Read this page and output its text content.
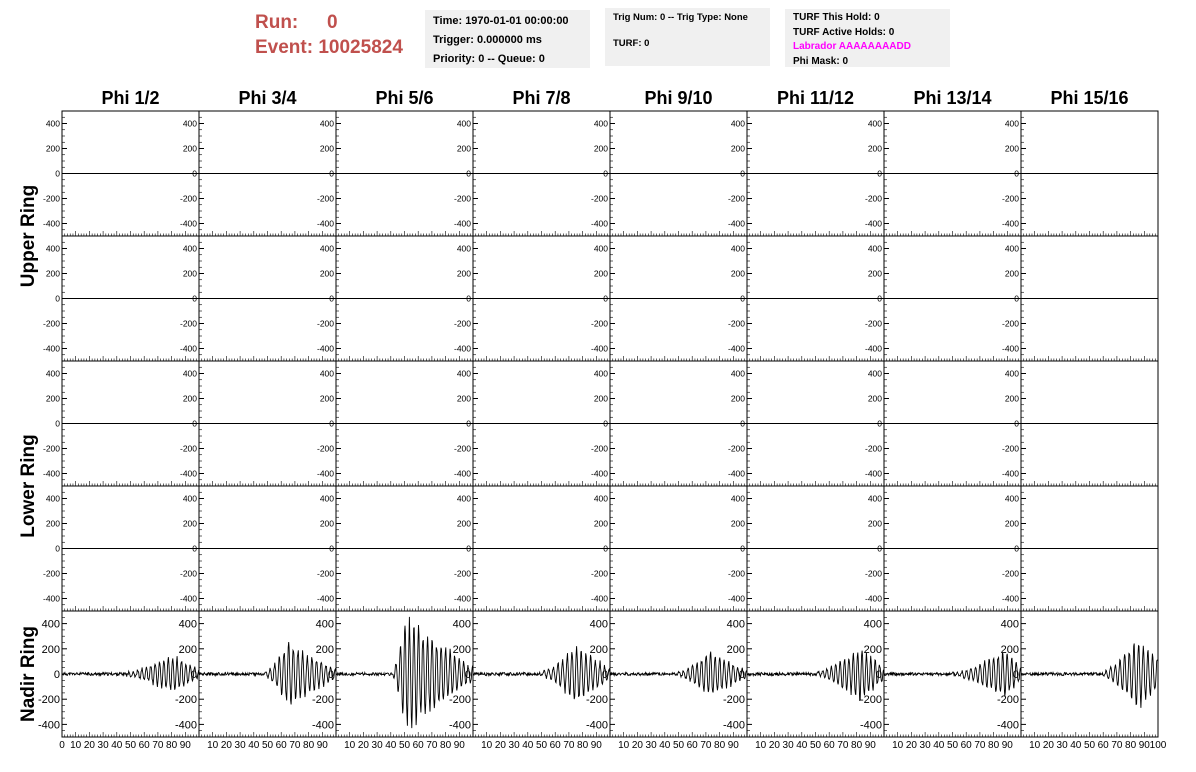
Run: 0
Event: 10025824
Time: 1970-01-01 00:00:00
Trigger: 0.000000 ms
Priority: 0 -- Queue: 0
Trig Num: 0 -- Trig Type: None
TURF: 0
TURF This Hold: 0
TURF Active Holds: 0
Labrador AAAAAAAADD
Phi Mask: 0
Phi 1/2	Phi 3/4	Phi 5/6	Phi 7/8	Phi 9/10	Phi 11/12	Phi 13/14	Phi 15/16
Upper Ring
Lower Ring
Nadir Ring
400
200
0
-200
-400
400
200
0
-200
-400
400
200
0
-200
-400
400
200
0
-200
-400
400
200
0
-200
-400
400
200
0
-200
-400
400
200
0
-200
-400
400
200
0
-200
-400
400
200
0
-200
-400
400
200
0
-200
-400
400
200
0
-200
-400
400
200
0
-200
-400
400
200
0
-200
-400
400
200
0
-200
-400
400
200
0
-200
-400
400
200
0
-200
-400
400
200
0
-200
-400
400
200
0
-200
-400
400
200
0
-200
-400
400
200
0
-200
-400
400
200
0
-200
-400
400
200
0
-200
-400
400
200
0
-200
-400
400
200
0
-200
-400
400
200
0
-200
-400
400
200
0
-200
-400
400
200
0
-200
-400
400
200
0
-200
-400
400
200
0
-200
-400
400
200
0
-200
-400
400
200
0
-200
-400
400
200
0
-200
-400
400
200
0
-200
-400
0 10 20 30 40 50 60 70 80 90
400
200
0
-200
-400
10 20 30 40 50 60 70 80 90
400
200
0
-200
-400
10 20 30 40 50 60 70 80 90
400
200
0
-200
-400
10 20 30 40 50 60 70 80 90
400
200
0
-200
-400
10 20 30 40 50 60 70 80 90
400
200
0
-200
-400
10 20 30 40 50 60 70 80 90
400
200
0
-200
-400
10 20 30 40 50 60 70 80 90
400
200
0
-200
-400
10 20 30 40 50 60 70 80 90 100
